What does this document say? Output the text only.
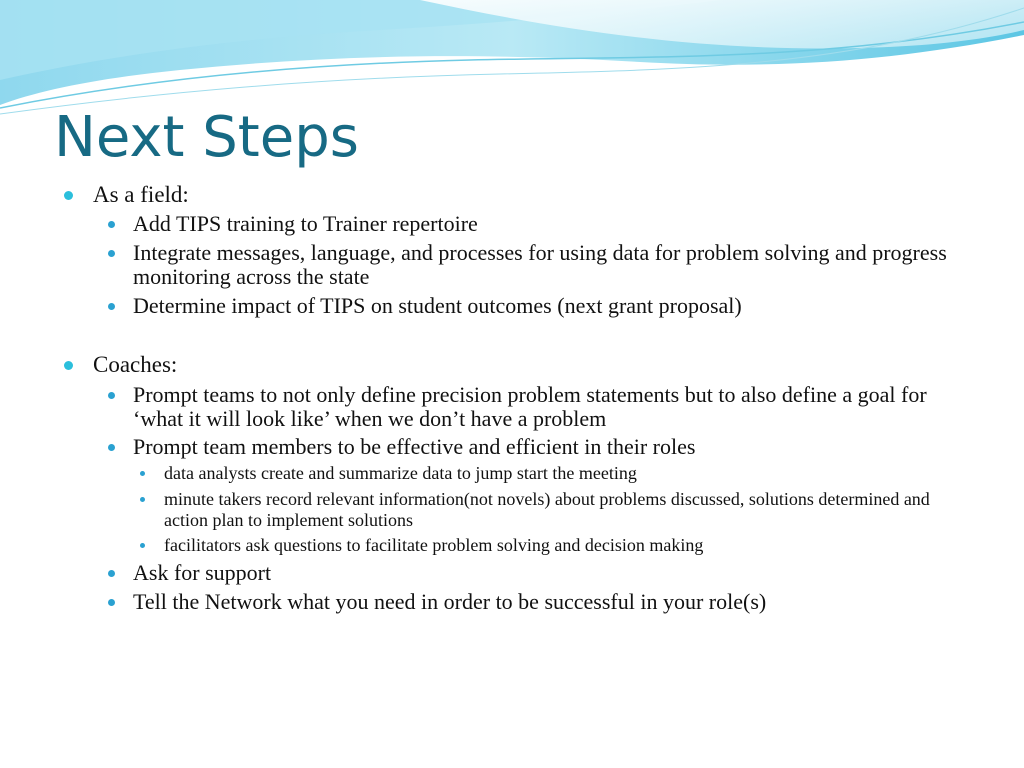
Next Steps
As a field:
Add TIPS training to Trainer repertoire
Integrate messages, language, and processes for using data for problem solving and progress monitoring across the state
Determine impact of TIPS on student outcomes (next grant proposal)
Coaches:
Prompt teams to not only define precision problem statements but to also define a goal for ‘what it will look like’ when we don’t have a problem
Prompt team members to be effective and efficient in their roles
data analysts create and summarize data to jump start the meeting
minute takers record relevant information(not novels) about problems discussed, solutions determined and action plan to implement solutions
facilitators ask questions to facilitate problem solving and decision making
Ask for support
Tell the Network what you need in order to be successful in your role(s)
